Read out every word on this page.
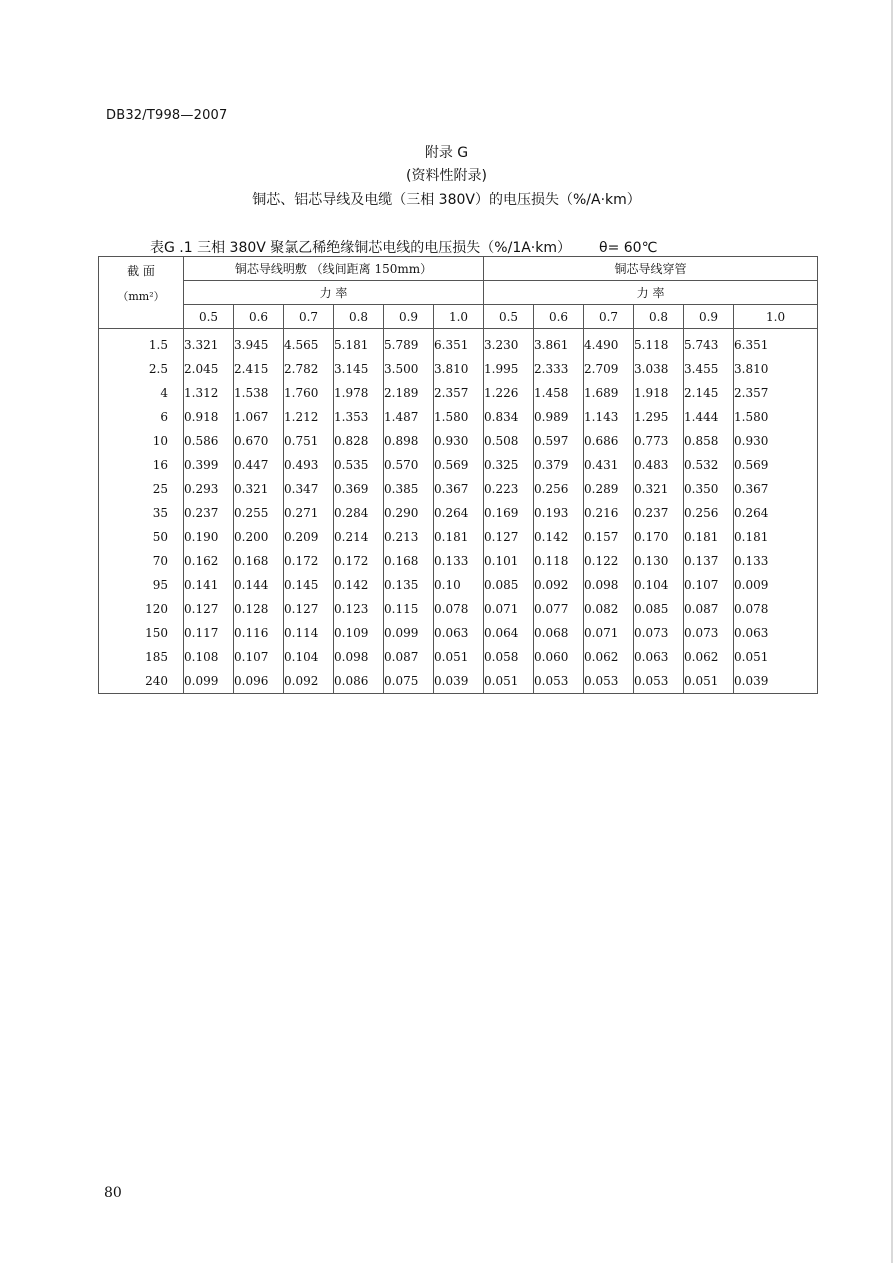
DB32/T998—2007
附录 G
(资料性附录)
铜芯、铝芯导线及电缆（三相 380V）的电压损失（%/A·km）
表G .1 三相 380V 聚氯乙稀绝缘铜芯电线的电压损失（%/1A·km） θ= 60℃
截 面
（mm²）	铜芯导线明敷 （线间距离 150mm）						铜芯导线穿管					
	力 率						力 率					
	0.5	0.6	0.7	0.8	0.9	1.0	0.5	0.6	0.7	0.8	0.9	1.0
1.5	3.321	3.945	4.565	5.181	5.789	6.351	3.230	3.861	4.490	5.118	5.743	6.351
2.5	2.045	2.415	2.782	3.145	3.500	3.810	1.995	2.333	2.709	3.038	3.455	3.810
4	1.312	1.538	1.760	1.978	2.189	2.357	1.226	1.458	1.689	1.918	2.145	2.357
6	0.918	1.067	1.212	1.353	1.487	1.580	0.834	0.989	1.143	1.295	1.444	1.580
10	0.586	0.670	0.751	0.828	0.898	0.930	0.508	0.597	0.686	0.773	0.858	0.930
16	0.399	0.447	0.493	0.535	0.570	0.569	0.325	0.379	0.431	0.483	0.532	0.569
25	0.293	0.321	0.347	0.369	0.385	0.367	0.223	0.256	0.289	0.321	0.350	0.367
35	0.237	0.255	0.271	0.284	0.290	0.264	0.169	0.193	0.216	0.237	0.256	0.264
50	0.190	0.200	0.209	0.214	0.213	0.181	0.127	0.142	0.157	0.170	0.181	0.181
70	0.162	0.168	0.172	0.172	0.168	0.133	0.101	0.118	0.122	0.130	0.137	0.133
95	0.141	0.144	0.145	0.142	0.135	0.10	0.085	0.092	0.098	0.104	0.107	0.009
120	0.127	0.128	0.127	0.123	0.115	0.078	0.071	0.077	0.082	0.085	0.087	0.078
150	0.117	0.116	0.114	0.109	0.099	0.063	0.064	0.068	0.071	0.073	0.073	0.063
185	0.108	0.107	0.104	0.098	0.087	0.051	0.058	0.060	0.062	0.063	0.062	0.051
240	0.099	0.096	0.092	0.086	0.075	0.039	0.051	0.053	0.053	0.053	0.051	0.039
80
